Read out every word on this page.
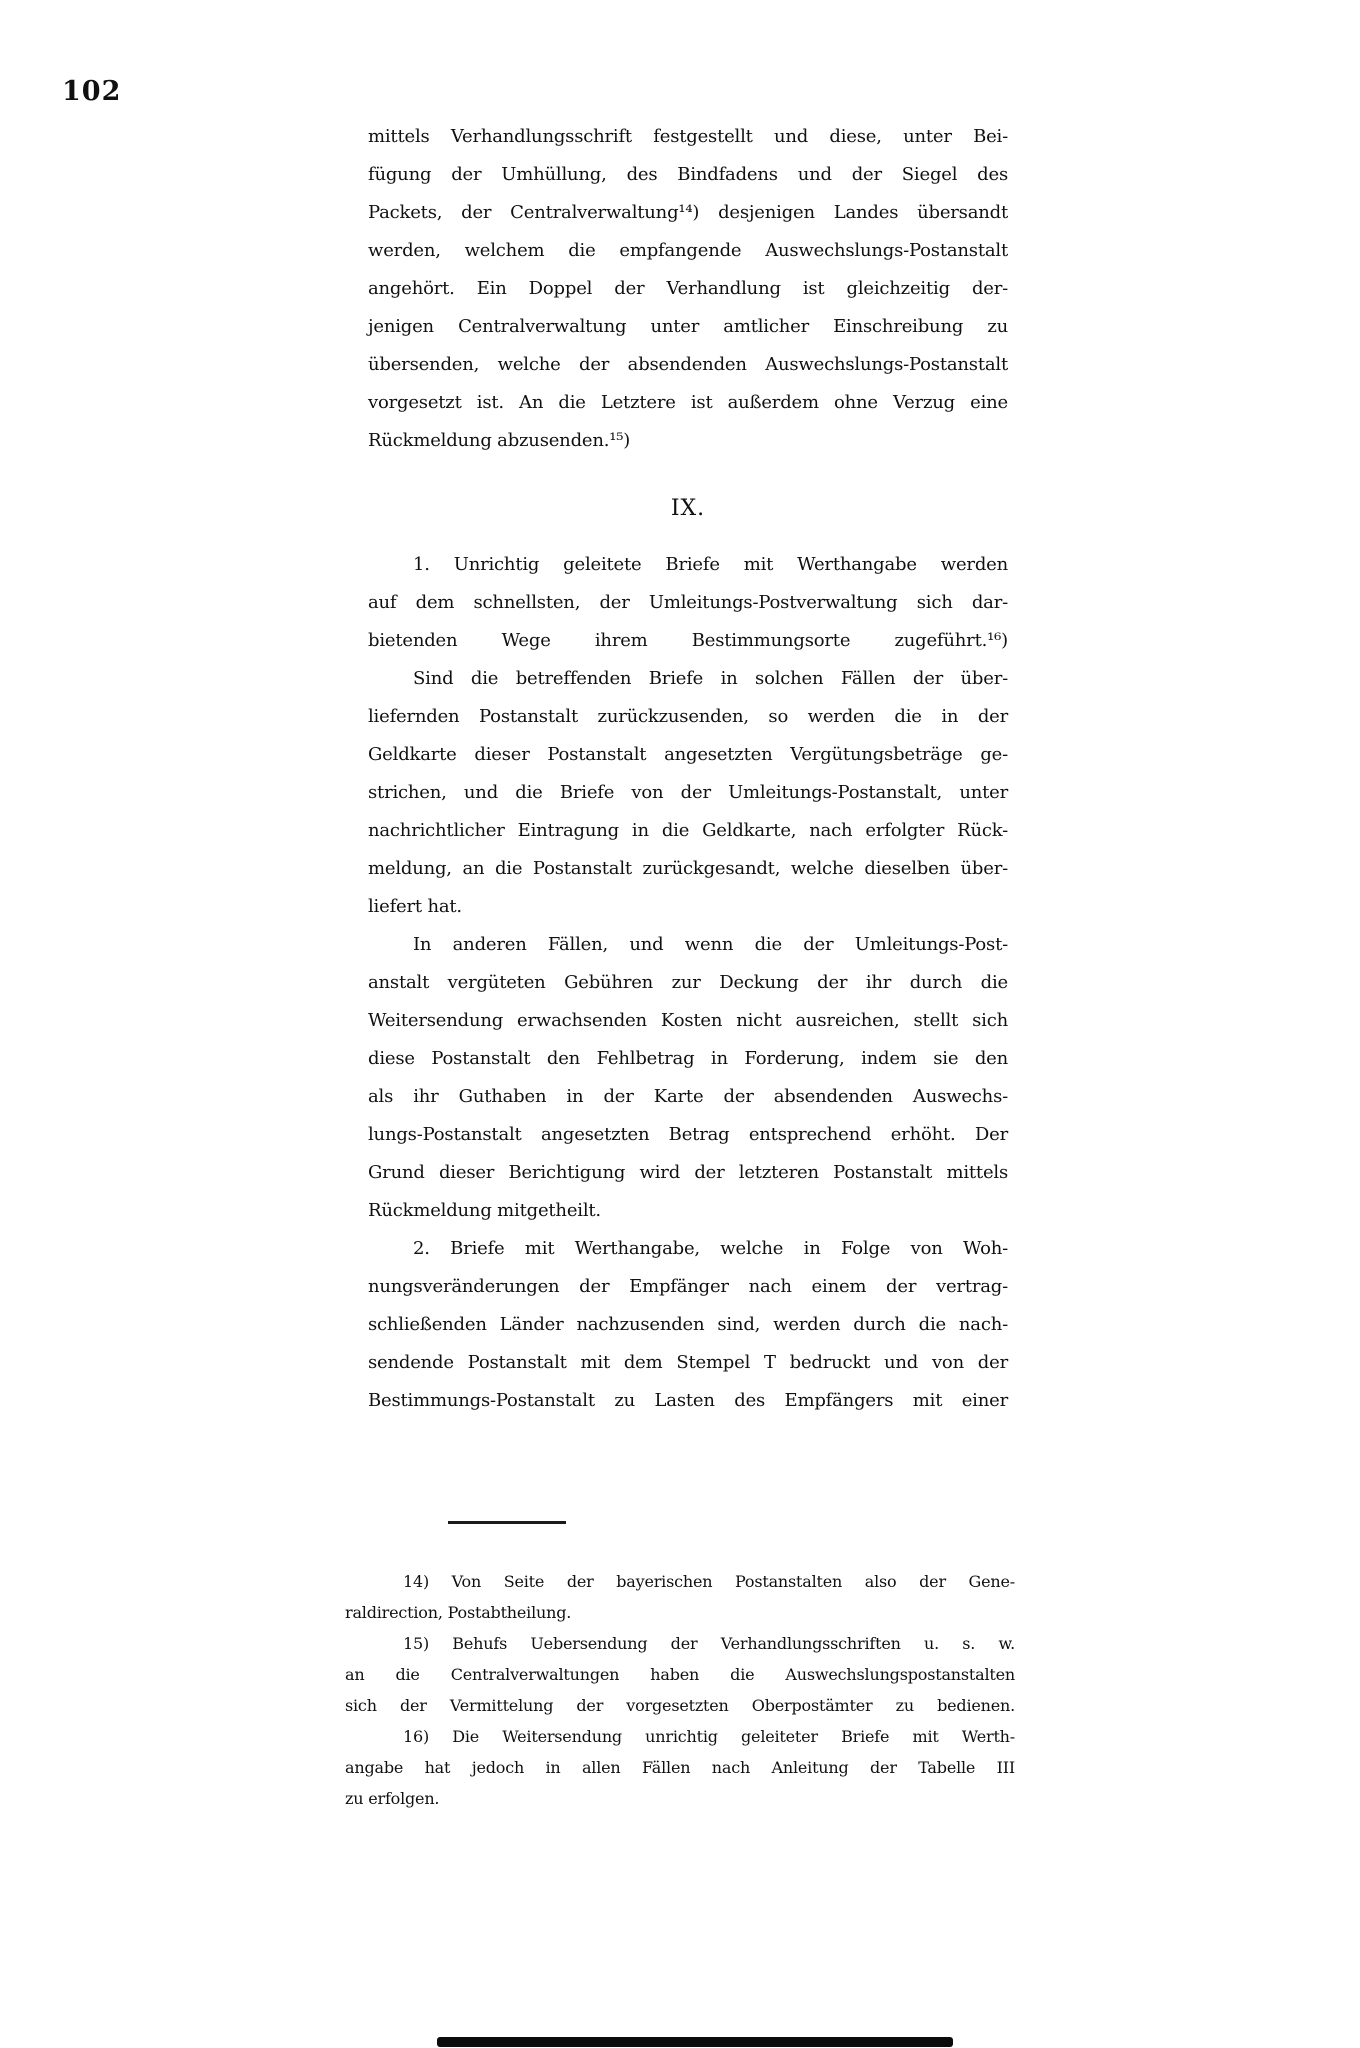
102
mittels Verhandlungsschrift festgestellt und diese, unter Bei-
fügung der Umhüllung, des Bindfadens und der Siegel des
Packets, der Centralverwaltung¹⁴) desjenigen Landes übersandt
werden, welchem die empfangende Auswechslungs-Postanstalt
angehört. Ein Doppel der Verhandlung ist gleichzeitig der-
jenigen Centralverwaltung unter amtlicher Einschreibung zu
übersenden, welche der absendenden Auswechslungs-Postanstalt
vorgesetzt ist. An die Letztere ist außerdem ohne Verzug eine
Rückmeldung abzusenden.¹⁵)
IX.
1. Unrichtig geleitete Briefe mit Werthangabe werden
auf dem schnellsten, der Umleitungs-Postverwaltung sich dar-
bietenden Wege ihrem Bestimmungsorte zugeführt.¹⁶)
Sind die betreffenden Briefe in solchen Fällen der über-
liefernden Postanstalt zurückzusenden, so werden die in der
Geldkarte dieser Postanstalt angesetzten Vergütungsbeträge ge-
strichen, und die Briefe von der Umleitungs-Postanstalt, unter
nachrichtlicher Eintragung in die Geldkarte, nach erfolgter Rück-
meldung, an die Postanstalt zurückgesandt, welche dieselben über-
liefert hat.
In anderen Fällen, und wenn die der Umleitungs-Post-
anstalt vergüteten Gebühren zur Deckung der ihr durch die
Weitersendung erwachsenden Kosten nicht ausreichen, stellt sich
diese Postanstalt den Fehlbetrag in Forderung, indem sie den
als ihr Guthaben in der Karte der absendenden Auswechs-
lungs-Postanstalt angesetzten Betrag entsprechend erhöht. Der
Grund dieser Berichtigung wird der letzteren Postanstalt mittels
Rückmeldung mitgetheilt.
2. Briefe mit Werthangabe, welche in Folge von Woh-
nungsveränderungen der Empfänger nach einem der vertrag-
schließenden Länder nachzusenden sind, werden durch die nach-
sendende Postanstalt mit dem Stempel T bedruckt und von der
Bestimmungs-Postanstalt zu Lasten des Empfängers mit einer
14) Von Seite der bayerischen Postanstalten also der Gene-
raldirection, Postabtheilung.
15) Behufs Uebersendung der Verhandlungsschriften u. s. w.
an die Centralverwaltungen haben die Auswechslungspostanstalten
sich der Vermittelung der vorgesetzten Oberpostämter zu bedienen.
16) Die Weitersendung unrichtig geleiteter Briefe mit Werth-
angabe hat jedoch in allen Fällen nach Anleitung der Tabelle III
zu erfolgen.
